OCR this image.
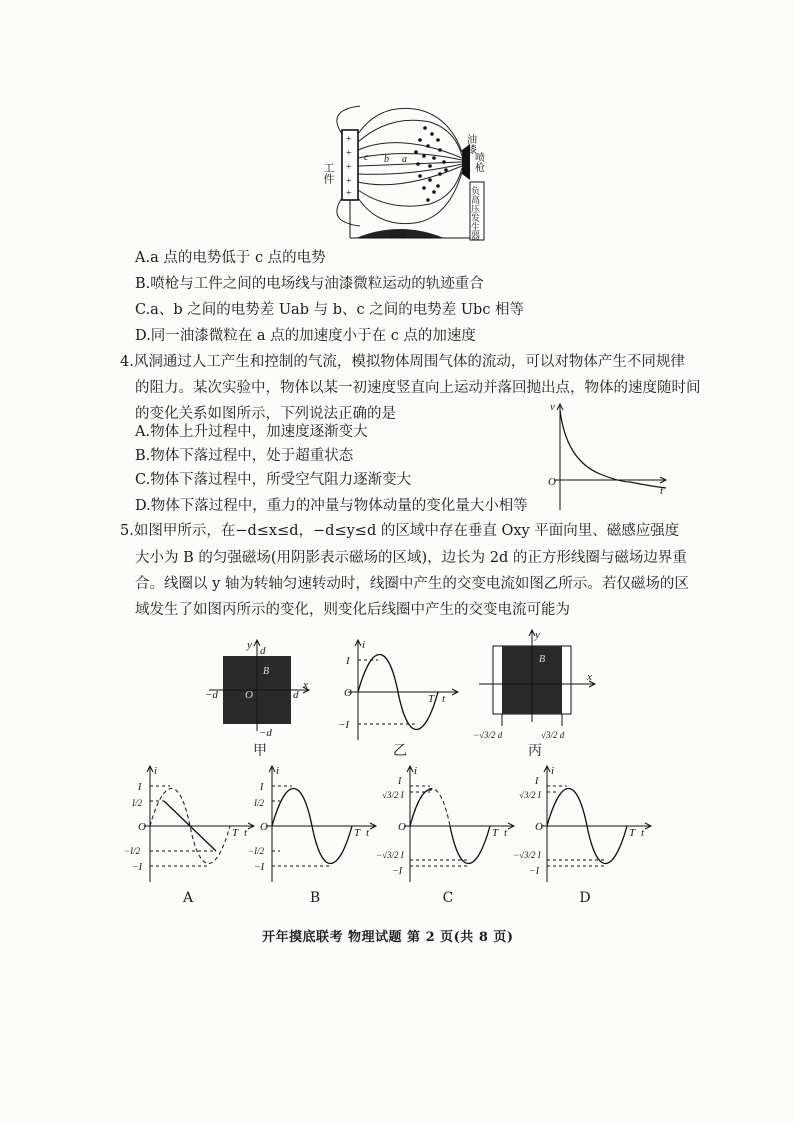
+
+
+
+
+
工件
c b a
油漆
喷枪
负高压发生器
接地
A.a 点的电势低于 c 点的电势
B.喷枪与工件之间的电场线与油漆微粒运动的轨迹重合
C.a、b 之间的电势差 Uab 与 b、c 之间的电势差 Ubc 相等
D.同一油漆微粒在 a 点的加速度小于在 c 点的加速度
4.风洞通过人工产生和控制的气流，模拟物体周围气体的流动，可以对物体产生不同规律
的阻力。某次实验中，物体以某一初速度竖直向上运动并落回抛出点，物体的速度随时间
的变化关系如图所示，下列说法正确的是
A.物体上升过程中，加速度逐渐变大
B.物体下落过程中，处于超重状态
C.物体下落过程中，所受空气阻力逐渐变大
D.物体下落过程中，重力的冲量与物体动量的变化量大小相等
v
t
O
5.如图甲所示，在−d≤x≤d，−d≤y≤d 的区域中存在垂直 Oxy 平面向里、磁感应强度
大小为 B 的匀强磁场(用阴影表示磁场的区域)，边长为 2d 的正方形线圈与磁场边界重
合。线圈以 y 轴为转轴匀速转动时，线圈中产生的交变电流如图乙所示。若仅磁场的区
域发生了如图丙所示的变化，则变化后线圈中产生的交变电流可能为
y
x
O
B
d
−d	d
−d
甲
i
I
−I
O	T t
乙
y
x
B
−√3/2 d	√3/2 d
丙
i
I
I/2
O
−I/2
−I
T t
A
i
I
I/2
O
−I/2
−I
T t
B
i
I
√3/2 I
O
−√3/2 I
−I
T t
C
i
I
√3/2 I
O
−√3/2 I
−I
T t
D
开年摸底联考 物理试题 第 2 页(共 8 页)
